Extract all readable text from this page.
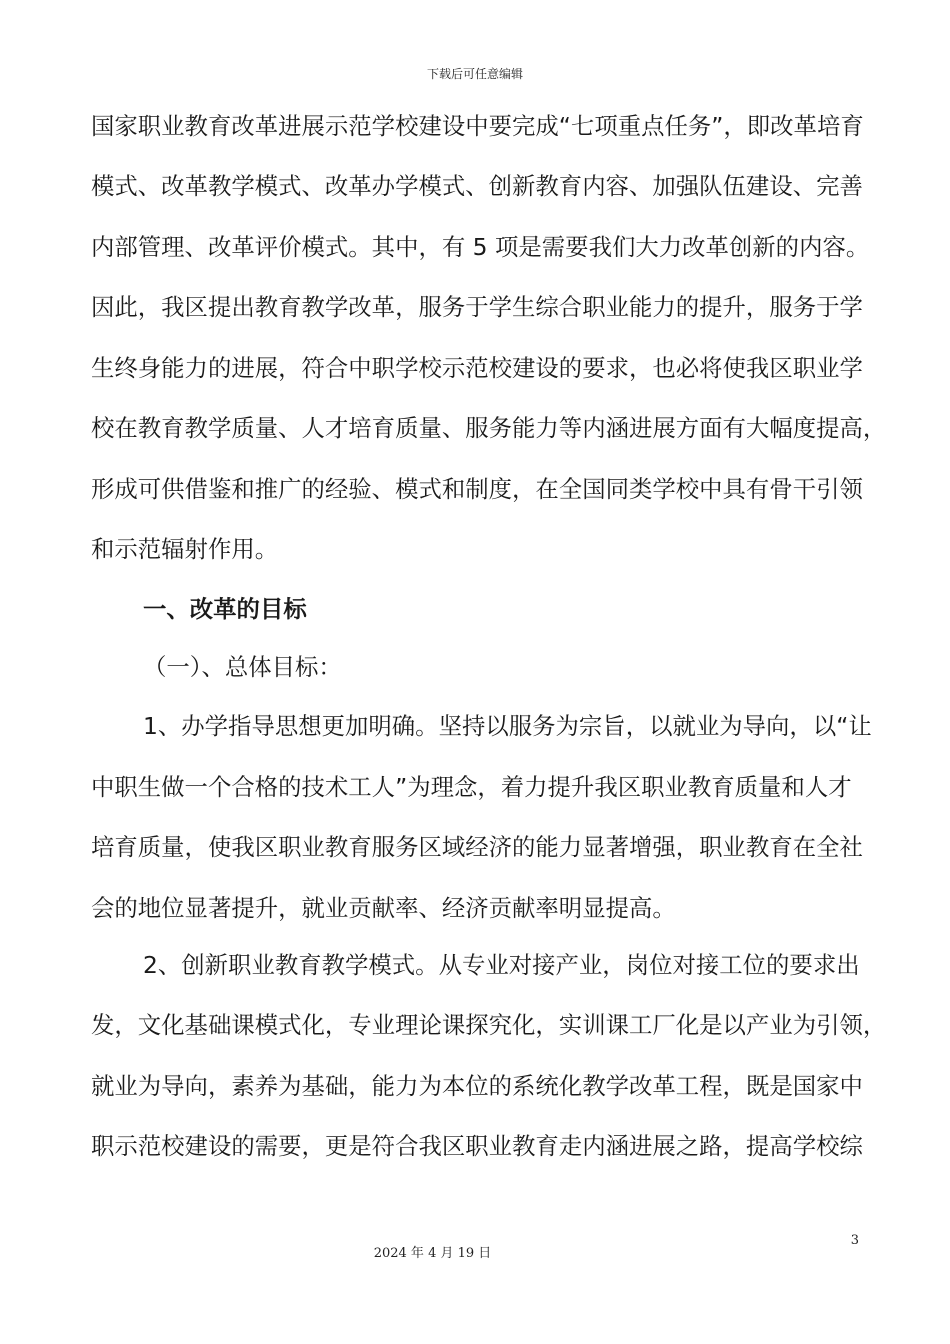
下载后可任意编辑
国家职业教育改革进展示范学校建设中要完成“七项重点任务”，即改革培育
模式、改革教学模式、改革办学模式、创新教育内容、加强队伍建设、完善
内部管理、改革评价模式。其中，有 5 项是需要我们大力改革创新的内容。
因此，我区提出教育教学改革，服务于学生综合职业能力的提升，服务于学
生终身能力的进展，符合中职学校示范校建设的要求，也必将使我区职业学
校在教育教学质量、人才培育质量、服务能力等内涵进展方面有大幅度提高，
形成可供借鉴和推广的经验、模式和制度，在全国同类学校中具有骨干引领
和示范辐射作用。
一、改革的目标
（一）、总体目标：
1、办学指导思想更加明确。坚持以服务为宗旨，以就业为导向，以“让
中职生做一个合格的技术工人”为理念，着力提升我区职业教育质量和人才
培育质量，使我区职业教育服务区域经济的能力显著增强，职业教育在全社
会的地位显著提升，就业贡献率、经济贡献率明显提高。
2、创新职业教育教学模式。从专业对接产业，岗位对接工位的要求出
发，文化基础课模式化，专业理论课探究化，实训课工厂化是以产业为引领，
就业为导向，素养为基础，能力为本位的系统化教学改革工程，既是国家中
职示范校建设的需要，更是符合我区职业教育走内涵进展之路，提高学校综
3
2024 年 4 月 19 日
